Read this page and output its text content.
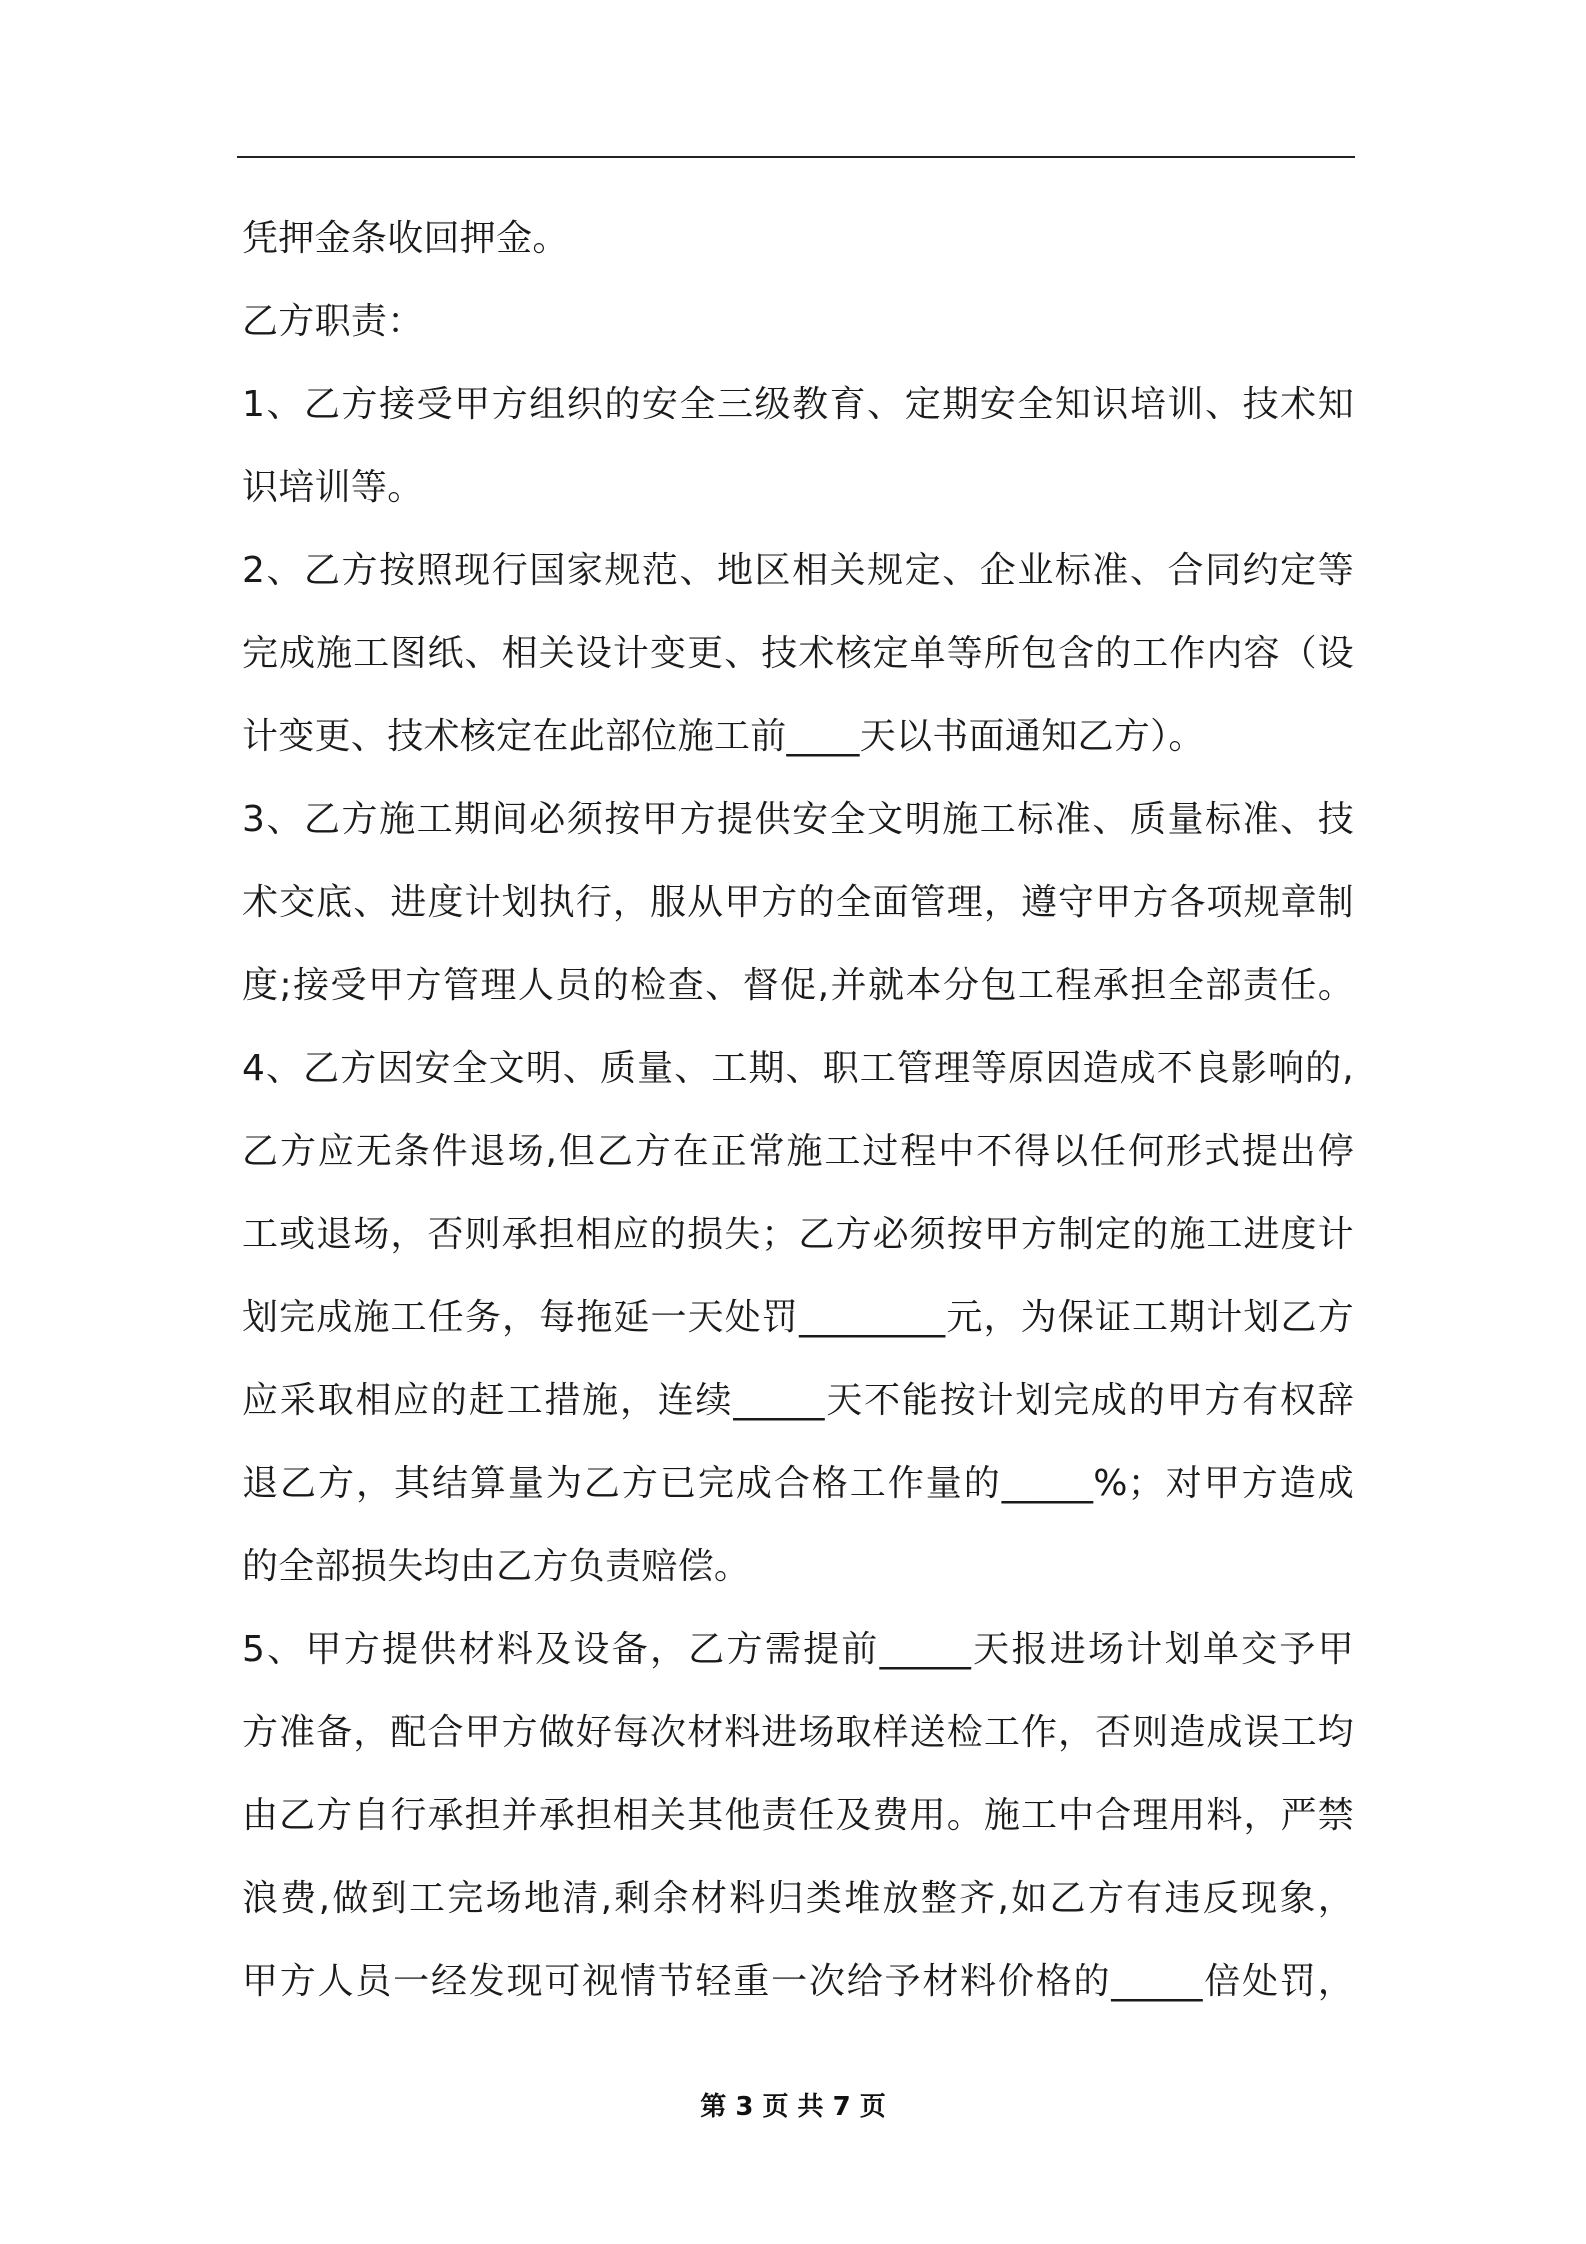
凭押金条收回押金。
乙方职责：
1、乙方接受甲方组织的安全三级教育、定期安全知识培训、技术知
识培训等。
2、乙方按照现行国家规范、地区相关规定、企业标准、合同约定等
完成施工图纸、相关设计变更、技术核定单等所包含的工作内容（设
计变更、技术核定在此部位施工前____天以书面通知乙方）。
3、乙方施工期间必须按甲方提供安全文明施工标准、质量标准、技
术交底、进度计划执行，服从甲方的全面管理，遵守甲方各项规章制
度;接受甲方管理人员的检查、督促,并就本分包工程承担全部责任。
4、乙方因安全文明、质量、工期、职工管理等原因造成不良影响的,
乙方应无条件退场,但乙方在正常施工过程中不得以任何形式提出停
工或退场，否则承担相应的损失；乙方必须按甲方制定的施工进度计
划完成施工任务，每拖延一天处罚________元，为保证工期计划乙方
应采取相应的赶工措施，连续_____天不能按计划完成的甲方有权辞
退乙方，其结算量为乙方已完成合格工作量的_____%；对甲方造成
的全部损失均由乙方负责赔偿。
5、甲方提供材料及设备，乙方需提前_____天报进场计划单交予甲
方准备，配合甲方做好每次材料进场取样送检工作，否则造成误工均
由乙方自行承担并承担相关其他责任及费用。施工中合理用料，严禁
浪费,做到工完场地清,剩余材料归类堆放整齐,如乙方有违反现象，
甲方人员一经发现可视情节轻重一次给予材料价格的_____倍处罚，
第 3 页 共 7 页
